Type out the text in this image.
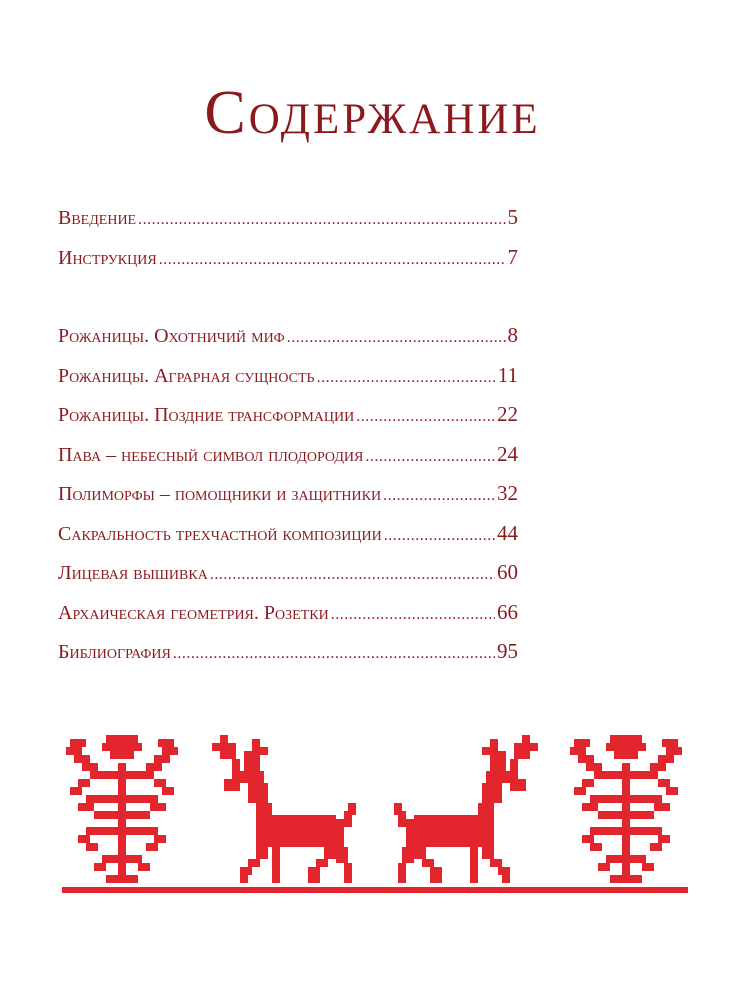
Содержание
Введение .....	5
Инструкция .....	7
Рожаницы. Охотничий миф .....	8
Рожаницы. Аграрная сущность .....	11
Рожаницы. Поздние трансформации .....	22
Пава – небесный символ плодородия .....	24
Полиморфы – помощники и защитники .....	32
Сакральность трехчастной композиции .....	44
Лицевая вышивка .....	60
Архаическая геометрия. Розетки .....	66
Библиография .....	95
